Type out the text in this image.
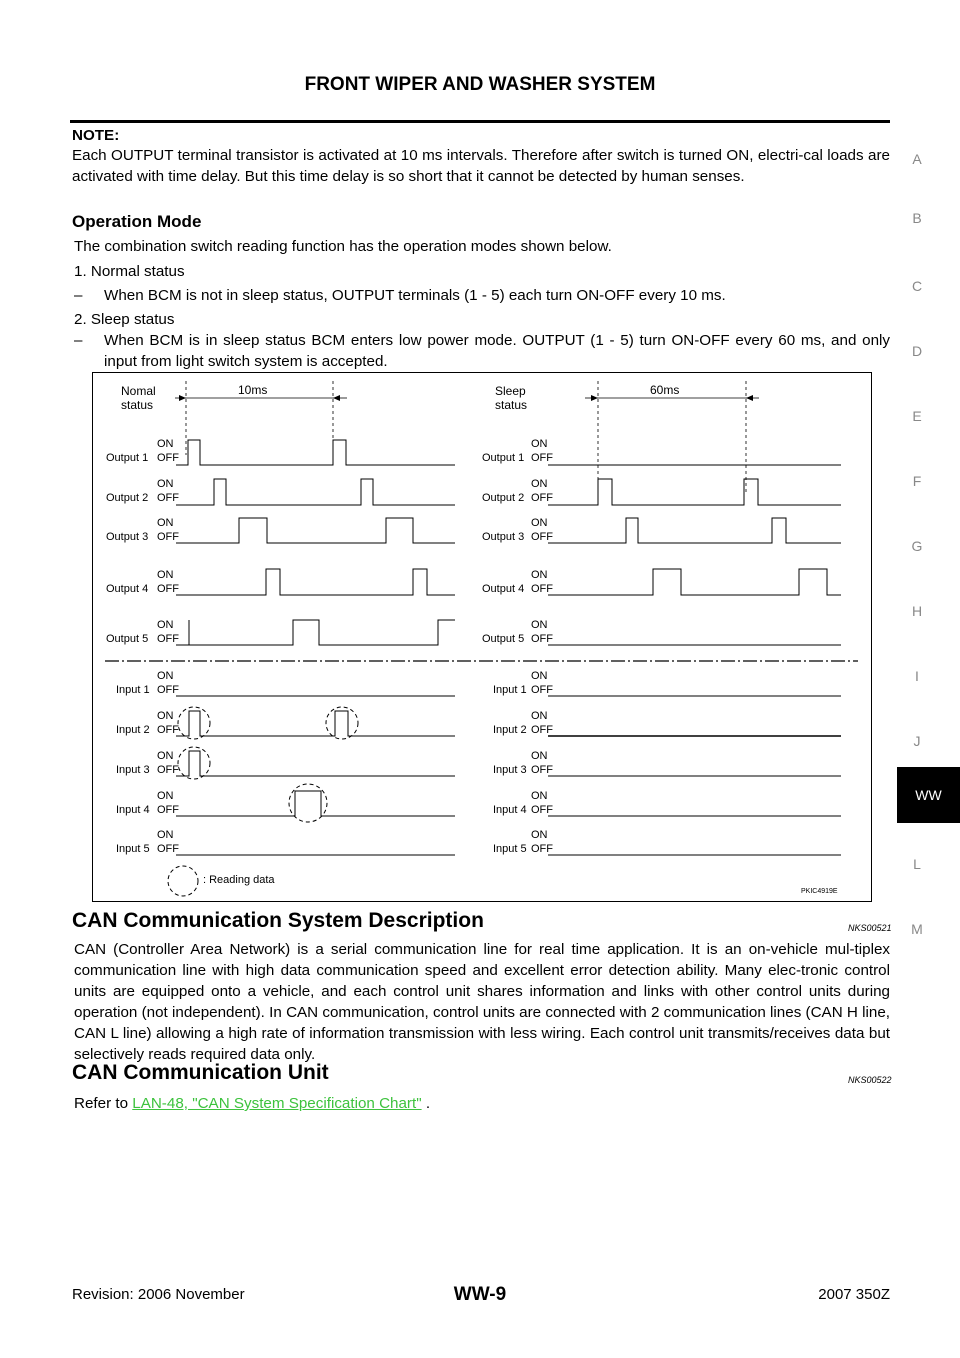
FRONT WIPER AND WASHER SYSTEM
NOTE:
Each OUTPUT terminal transistor is activated at 10 ms intervals. Therefore after switch is turned ON, electri-cal loads are activated with time delay. But this time delay is so short that it cannot be detected by human senses.
Operation Mode
The combination switch reading function has the operation modes shown below.
1. Normal status
– When BCM is not in sleep status, OUTPUT terminals (1 - 5) each turn ON-OFF every 10 ms.
2. Sleep status
– When BCM is in sleep status BCM enters low power mode. OUTPUT (1 - 5) turn ON-OFF every 60 ms, and only input from light switch system is accepted.
Nomal
status
10ms	Sleep
status
60ms
ON
Output 1 OFF
ON
Output 2 OFF
ON
Output 3 OFF
ON
Output 4 OFF
ON
Output 5 OFF
ON
Output 1 OFF
ON
Output 2 OFF
ON
Output 3 OFF
ON
Output 4 OFF
ON
Output 5 OFF
ON
Input 1 OFF
ON
Input 2 OFF
ON
Input 3 OFF
ON
Input 4 OFF
ON
Input 5 OFF
ON
Input 1 OFF
ON
Input 2 OFF
ON
Input 3 OFF
ON
Input 4 OFF
ON
Input 5 OFF
: Reading data
PKIC4919E
CAN Communication System Description	NKS00521
CAN (Controller Area Network) is a serial communication line for real time application. It is an on-vehicle mul-tiplex communication line with high data communication speed and excellent error detection ability. Many elec-tronic control units are equipped onto a vehicle, and each control unit shares information and links with other control units during operation (not independent). In CAN communication, control units are connected with 2 communication lines (CAN H line, CAN L line) allowing a high rate of information transmission with less wiring. Each control unit transmits/receives data but selectively reads required data only.
CAN Communication Unit	NKS00522
Refer to LAN-48, "CAN System Specification Chart" .
A
B
C
D
E
F
G
H
I
J
WW
L
M
Revision: 2006 November	WW-9	2007 350Z
